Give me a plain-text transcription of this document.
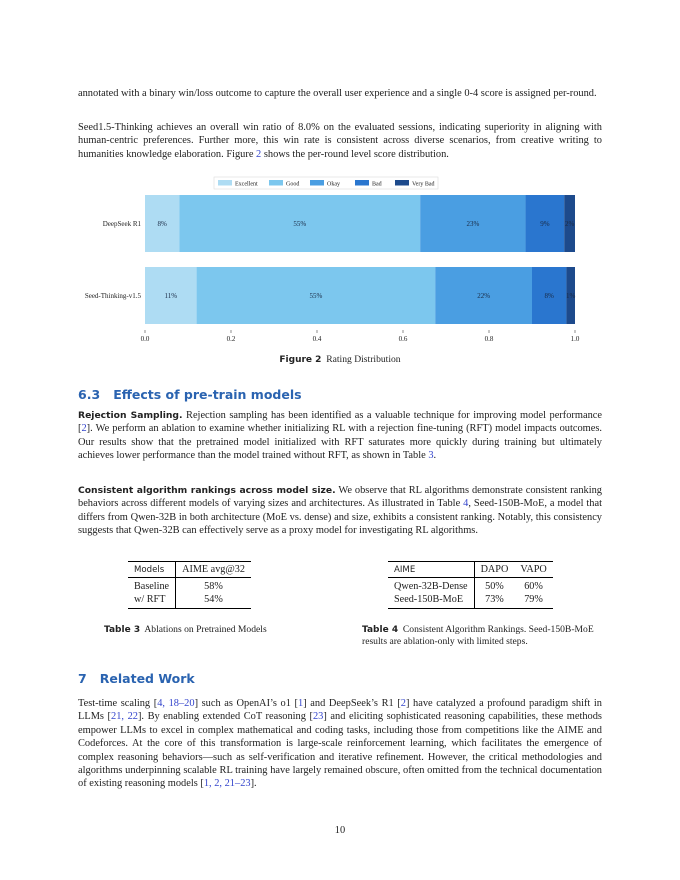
annotated with a binary win/loss outcome to capture the overall user experience and a single 0-4 score is assigned per-round.
Seed1.5-Thinking achieves an overall win ratio of 8.0% on the evaluated sessions, indicating superiority in aligning with human-centric preferences. Further more, this win rate is consistent across diverse scenarios, from creative writing to humanities knowledge elaboration. Figure 2 shows the per-round level score distribution.
Excellent	Good	Okay	Bad	Very Bad
8%	55%	23%	9% 2%
11%	55%	22%	8% 1%
DeepSeek R1
Seed-Thinking-v1.5
0.0	0.2	0.4	0.6	0.8	1.0
Figure 2 Rating Distribution
6.3 Effects of pre-train models
Rejection Sampling. Rejection sampling has been identified as a valuable technique for improving model performance [2]. We perform an ablation to examine whether initializing RL with a rejection fine-tuning (RFT) model impacts outcomes. Our results show that the pretrained model initialized with RFT saturates more quickly during training but ultimately achieves lower performance than the model trained without RFT, as shown in Table 3.
Consistent algorithm rankings across model size. We observe that RL algorithms demonstrate consistent ranking behaviors across different models of varying sizes and architectures. As illustrated in Table 4, Seed-150B-MoE, a model that differs from Qwen-32B in both architecture (MoE vs. dense) and size, exhibits a consistent ranking. Notably, this consistency suggests that Qwen-32B can effectively serve as a proxy model for investigating RL algorithms.
Models	AIME avg@32
Baseline	58%
w/ RFT	54%
Table 3 Ablations on Pretrained Models
AIME	DAPO	VAPO
Qwen-32B-Dense	50%	60%
Seed-150B-MoE	73%	79%
Table 4 Consistent Algorithm Rankings. Seed-150B-MoE results are ablation-only with limited steps.
7 Related Work
Test-time scaling [4, 18–20] such as OpenAI’s o1 [1] and DeepSeek’s R1 [2] have catalyzed a profound paradigm shift in LLMs [21, 22]. By enabling extended CoT reasoning [23] and eliciting sophisticated reasoning capabilities, these methods empower LLMs to excel in complex mathematical and coding tasks, including those from competitions like the AIME and Codeforces. At the core of this transformation is large-scale reinforcement learning, which facilitates the emergence of complex reasoning behaviors—such as self-verification and iterative refinement. However, the critical methodologies and algorithms underpinning scalable RL training have largely remained obscure, often omitted from the technical documentation of existing reasoning models [1, 2, 21–23].
10
